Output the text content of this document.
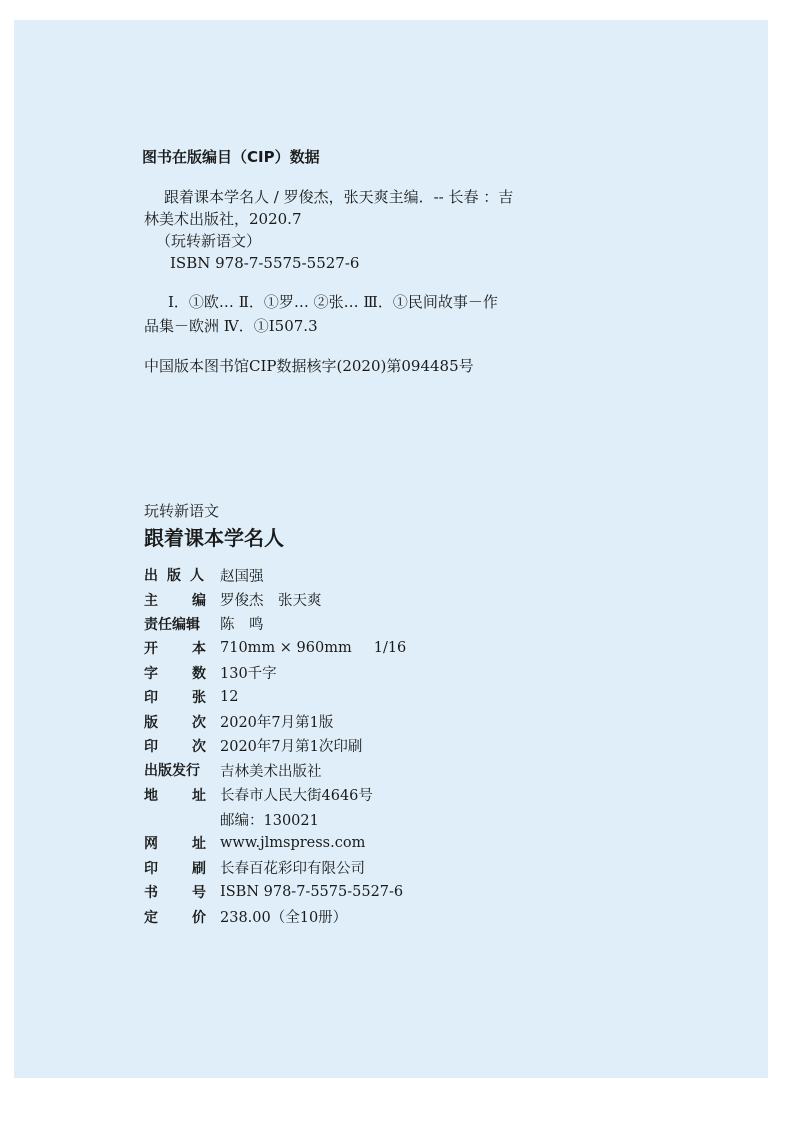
图书在版编目（CIP）数据
跟着课本学名人 / 罗俊杰，张天爽主编．-- 长春 ：吉
林美术出版社，2020.7
（玩转新语文）
ISBN 978-7-5575-5527-6
Ⅰ．①欧… Ⅱ．①罗… ②张… Ⅲ．①民间故事－作
品集－欧洲 Ⅳ．①I507.3
中国版本图书馆CIP数据核字(2020)第094485号
玩转新语文
跟着课本学名人
出 版 人 赵国强
主 编 罗俊杰　张天爽
责任编辑 陈　鸣
开 本 710mm × 960mm 1/16
字 数 130千字
印 张 12
版 次 2020年7月第1版
印 次 2020年7月第1次印刷
出版发行 吉林美术出版社
地 址 长春市人民大街4646号
邮编：130021
网 址 www.jlmspress.com
印 刷 长春百花彩印有限公司
书 号 ISBN 978-7-5575-5527-6
定 价 238.00（全10册）
